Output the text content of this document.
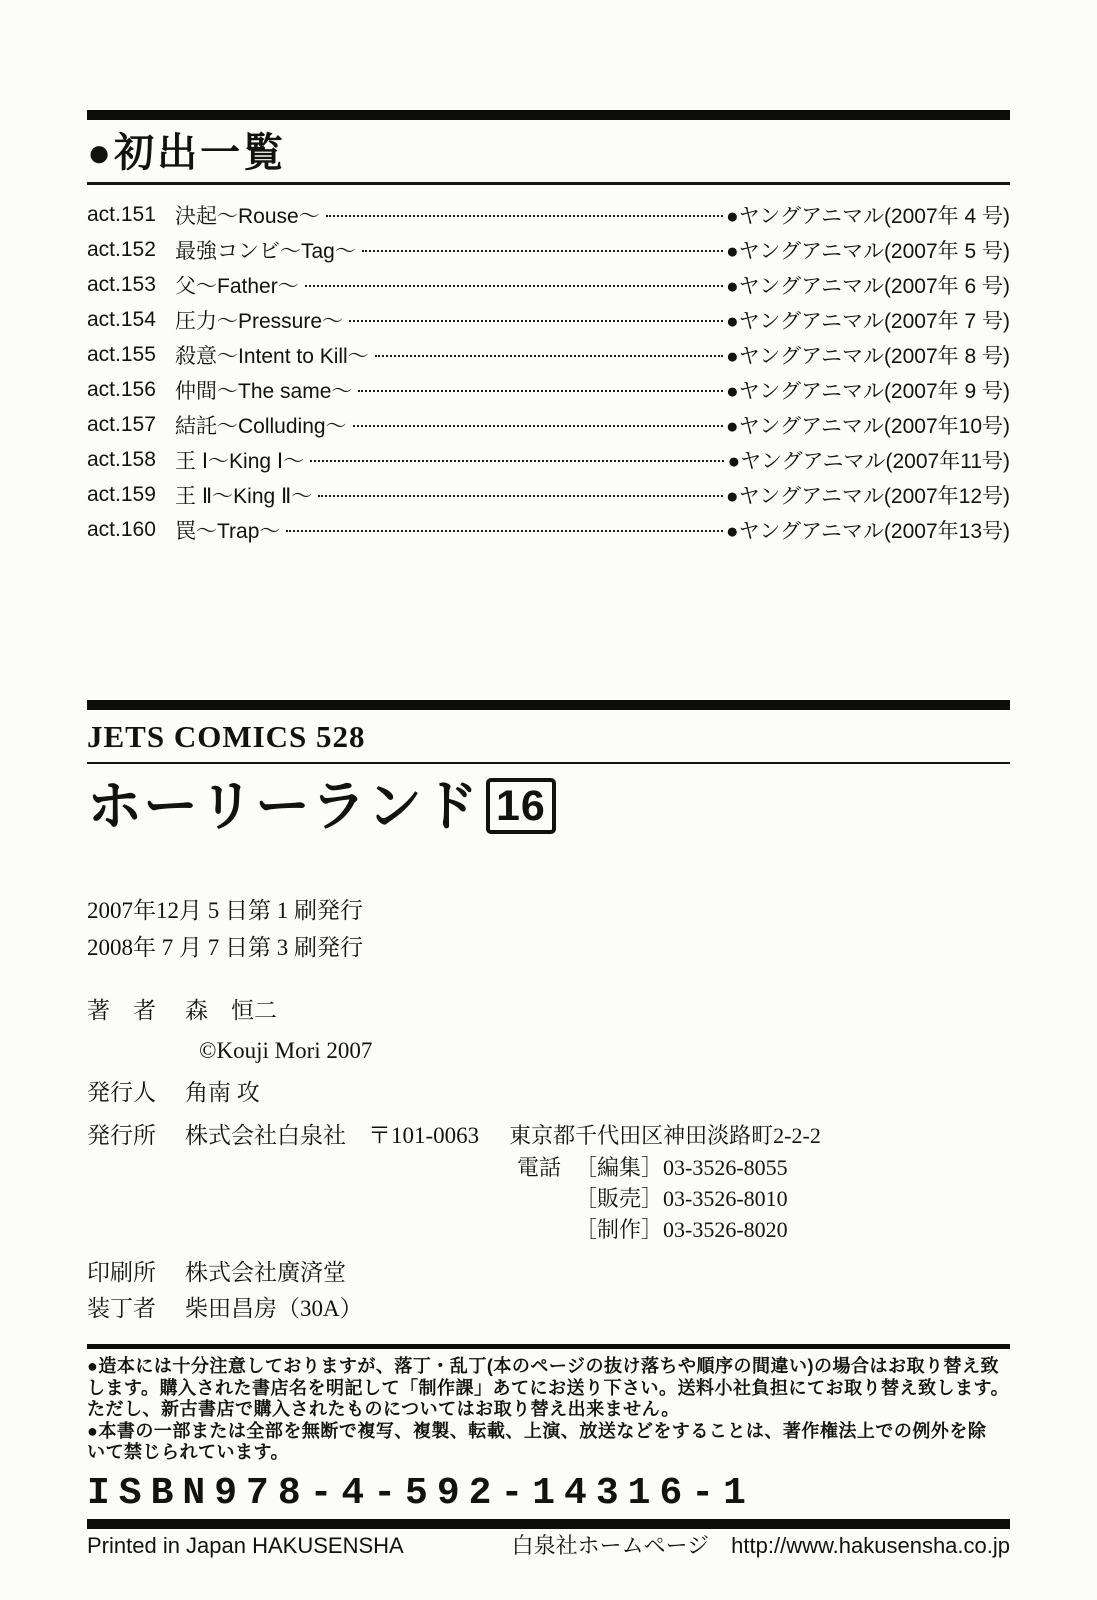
●初出一覧
act.151 決起～Rouse～	●ヤングアニマル(2007年 4 号)
act.152 最強コンビ～Tag～	●ヤングアニマル(2007年 5 号)
act.153 父～Father～	●ヤングアニマル(2007年 6 号)
act.154 圧力～Pressure～	●ヤングアニマル(2007年 7 号)
act.155 殺意～Intent to Kill～	●ヤングアニマル(2007年 8 号)
act.156 仲間～The same～	●ヤングアニマル(2007年 9 号)
act.157 結託～Colluding～	●ヤングアニマル(2007年10号)
act.158 王 Ⅰ～King Ⅰ～	●ヤングアニマル(2007年11号)
act.159 王 Ⅱ～King Ⅱ～	●ヤングアニマル(2007年12号)
act.160 罠～Trap～	●ヤングアニマル(2007年13号)
JETS COMICS 528
ホーリーランド 16
2007年12月 5 日第 1 刷発行
2008年 7 月 7 日第 3 刷発行
著　者	森　恒二
©Kouji Mori 2007
発行人	角南 攻
発行所	株式会社白泉社 〒101-0063 東京都千代田区神田淡路町2-2-2
電話 ［編集］ 03-3526-8055
［販売］ 03-3526-8010
［制作］ 03-3526-8020
印刷所	株式会社廣済堂
装丁者	柴田昌房（30A）
●造本には十分注意しておりますが、落丁・乱丁(本のページの抜け落ちや順序の間違い)の場合はお取り替え致
します。購入された書店名を明記して「制作課」あてにお送り下さい。送料小社負担にてお取り替え致します。
ただし、新古書店で購入されたものについてはお取り替え出来ません。
●本書の一部または全部を無断で複写、複製、転載、上演、放送などをすることは、著作権法上での例外を除
いて禁じられています。
ISBN978-4-592-14316-1
Printed in Japan HAKUSENSHA	白泉社ホームページ http://www.hakusensha.co.jp
